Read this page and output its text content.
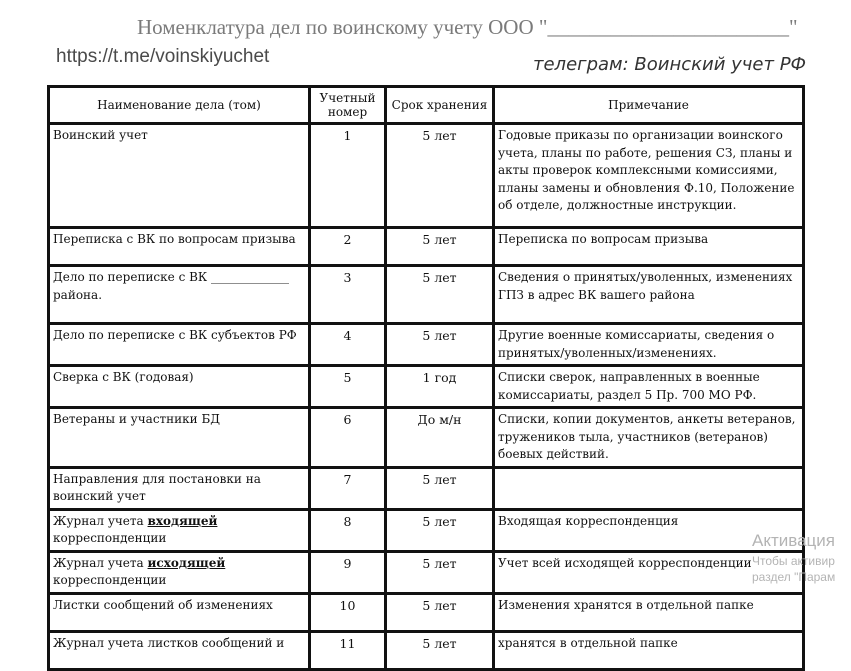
Номенклатура дел по воинскому учету ООО "_______________________"
https://t.me/voinskiyuchet	телеграм: Воинский учет РФ
Наименование дела (том)	Учетный номер	Срок хранения	Примечание
Воинский учет	1	5 лет	Годовые приказы по организации воинского учета, планы по работе, решения СЗ, планы и акты проверок комплексными комиссиями, планы замены и обновления Ф.10, Положение об отделе, должностные инструкции.
Переписка с ВК по вопросам призыва	2	5 лет	Переписка по вопросам призыва
Дело по переписке с ВК _____________ района.	3	5 лет	Сведения о принятых/уволенных, изменениях ГПЗ в адрес ВК вашего района
Дело по переписке с ВК субъектов РФ	4	5 лет	Другие военные комиссариаты, сведения о принятых/уволенных/изменениях.
Сверка с ВК (годовая)	5	1 год	Списки сверок, направленных в военные комиссариаты, раздел 5 Пр. 700 МО РФ.
Ветераны и участники БД	6	До м/н	Списки, копии документов, анкеты ветеранов, тружеников тыла, участников (ветеранов) боевых действий.
Направления для постановки на воинский учет	7	5 лет	
Журнал учета входящей корреспонденции	8	5 лет	Входящая корреспонденция
Журнал учета исходящей корреспонденции	9	5 лет	Учет всей исходящей корреспонденции
Листки сообщений об изменениях	10	5 лет	Изменения хранятся в отдельной папке
Журнал учета листков сообщений и	11	5 лет	хранятся в отдельной папке
Активация
Чтобы активир
раздел "Парам
